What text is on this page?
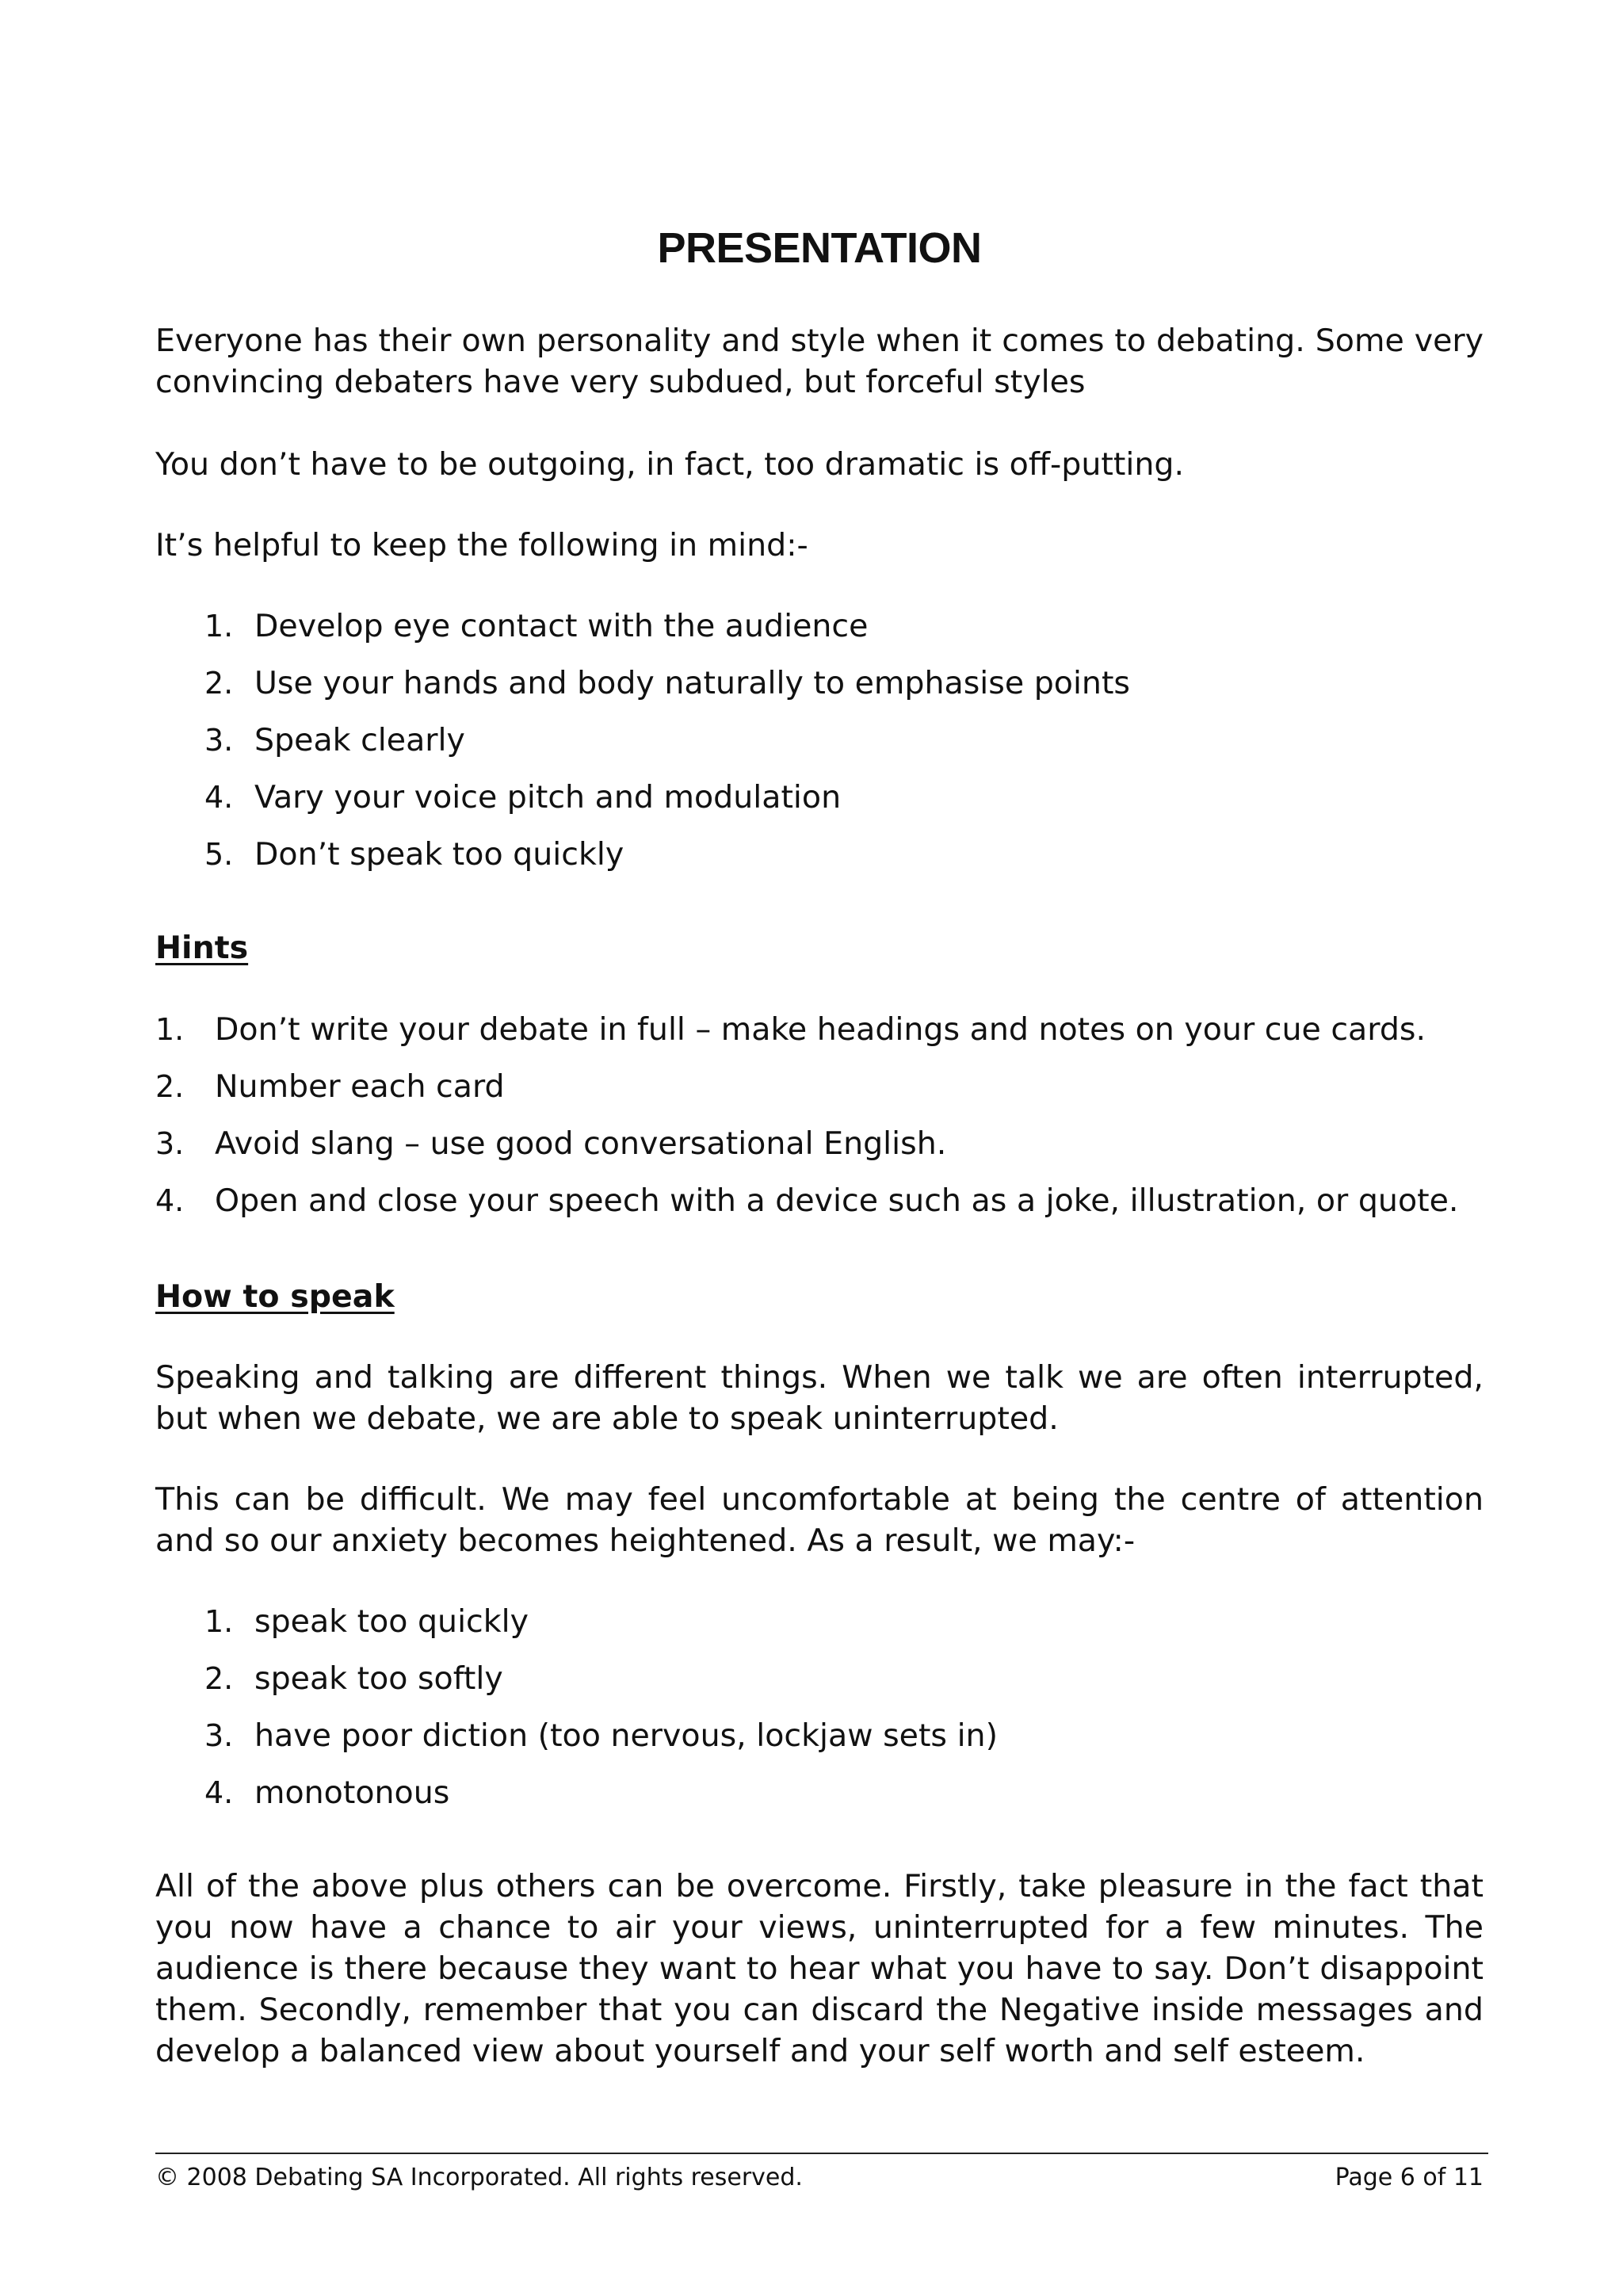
PRESENTATION

Everyone has their own personality and style when it comes to debating. Some very convincing debaters have very subdued, but forceful styles

You don’t have to be outgoing, in fact, too dramatic is off-putting.

It’s helpful to keep the following in mind:-

1. Develop eye contact with the audience
2. Use your hands and body naturally to emphasise points
3. Speak clearly
4. Vary your voice pitch and modulation
5. Don’t speak too quickly
Hints
1. Don’t write your debate in full – make headings and notes on your cue cards.
2. Number each card
3. Avoid slang – use good conversational English.
4. Open and close your speech with a device such as a joke, illustration, or quote.
How to speak

Speaking and talking are different things. When we talk we are often interrupted, but when we debate, we are able to speak uninterrupted.

This can be difficult. We may feel uncomfortable at being the centre of attention and so our anxiety becomes heightened. As a result, we may:-

1. speak too quickly
2. speak too softly
3. have poor diction (too nervous, lockjaw sets in)
4. monotonous

All of the above plus others can be overcome. Firstly, take pleasure in the fact that you now have a chance to air your views, uninterrupted for a few minutes. The audience is there because they want to hear what you have to say. Don’t disappoint them. Secondly, remember that you can discard the Negative inside messages and develop a balanced view about yourself and your self worth and self esteem.

© 2008 Debating SA Incorporated. All rights reserved.	Page 6 of 11
